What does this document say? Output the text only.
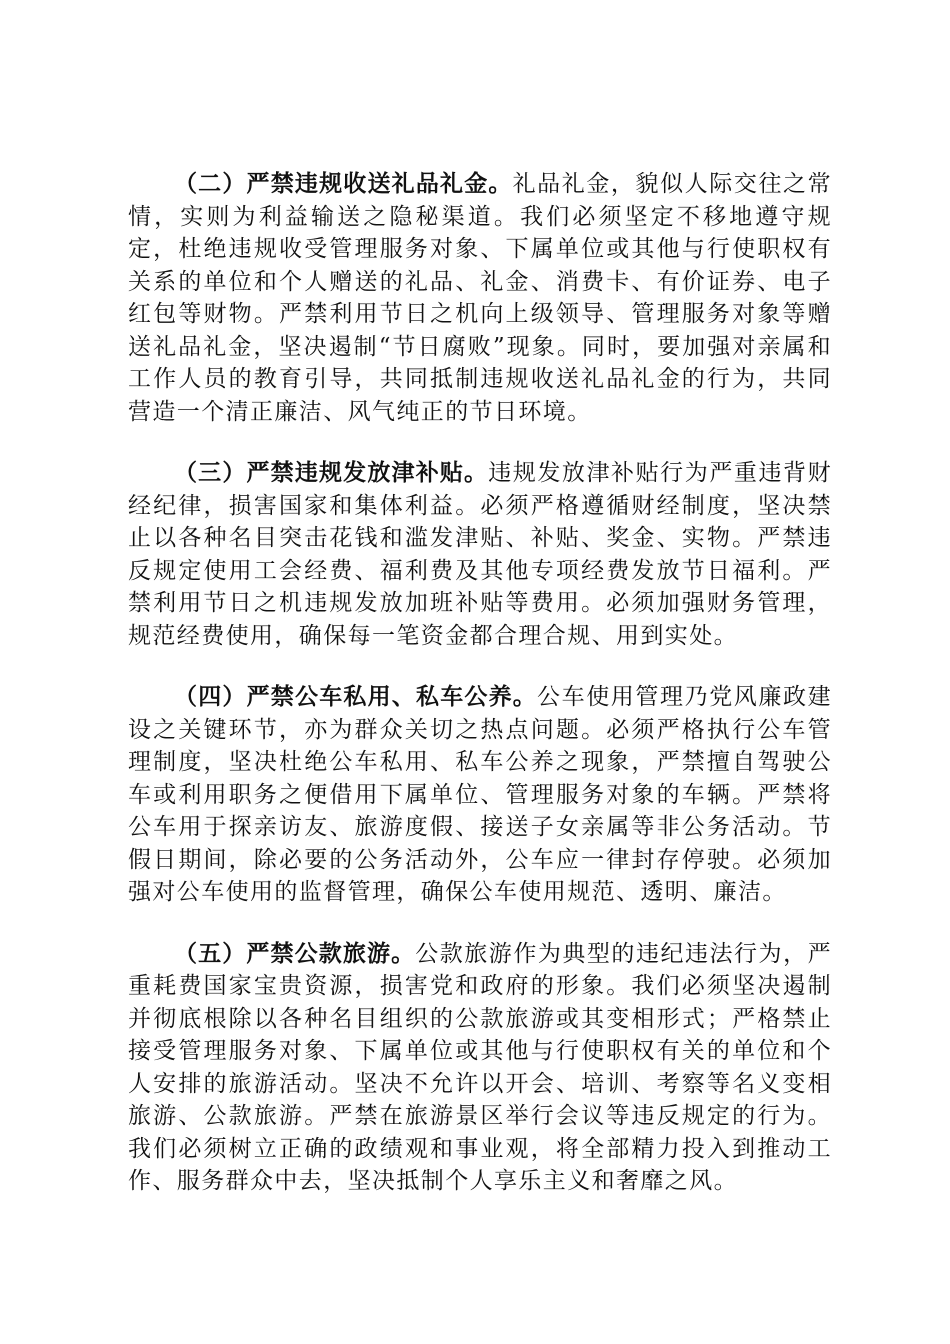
（二）严禁违规收送礼品礼金。礼品礼金，貌似人际交往之常情，实则为利益输送之隐秘渠道。我们必须坚定不移地遵守规定，杜绝违规收受管理服务对象、下属单位或其他与行使职权有关系的单位和个人赠送的礼品、礼金、消费卡、有价证券、电子红包等财物。严禁利用节日之机向上级领导、管理服务对象等赠送礼品礼金，坚决遏制“节日腐败”现象。同时，要加强对亲属和工作人员的教育引导，共同抵制违规收送礼品礼金的行为，共同营造一个清正廉洁、风气纯正的节日环境。

（三）严禁违规发放津补贴。违规发放津补贴行为严重违背财经纪律，损害国家和集体利益。必须严格遵循财经制度，坚决禁止以各种名目突击花钱和滥发津贴、补贴、奖金、实物。严禁违反规定使用工会经费、福利费及其他专项经费发放节日福利。严禁利用节日之机违规发放加班补贴等费用。必须加强财务管理，规范经费使用，确保每一笔资金都合理合规、用到实处。

（四）严禁公车私用、私车公养。公车使用管理乃党风廉政建设之关键环节，亦为群众关切之热点问题。必须严格执行公车管理制度，坚决杜绝公车私用、私车公养之现象，严禁擅自驾驶公车或利用职务之便借用下属单位、管理服务对象的车辆。严禁将公车用于探亲访友、旅游度假、接送子女亲属等非公务活动。节假日期间，除必要的公务活动外，公车应一律封存停驶。必须加强对公车使用的监督管理，确保公车使用规范、透明、廉洁。

（五）严禁公款旅游。公款旅游作为典型的违纪违法行为，严重耗费国家宝贵资源，损害党和政府的形象。我们必须坚决遏制并彻底根除以各种名目组织的公款旅游或其变相形式；严格禁止接受管理服务对象、下属单位或其他与行使职权有关的单位和个人安排的旅游活动。坚决不允许以开会、培训、考察等名义变相旅游、公款旅游。严禁在旅游景区举行会议等违反规定的行为。我们必须树立正确的政绩观和事业观，将全部精力投入到推动工作、服务群众中去，坚决抵制个人享乐主义和奢靡之风。
